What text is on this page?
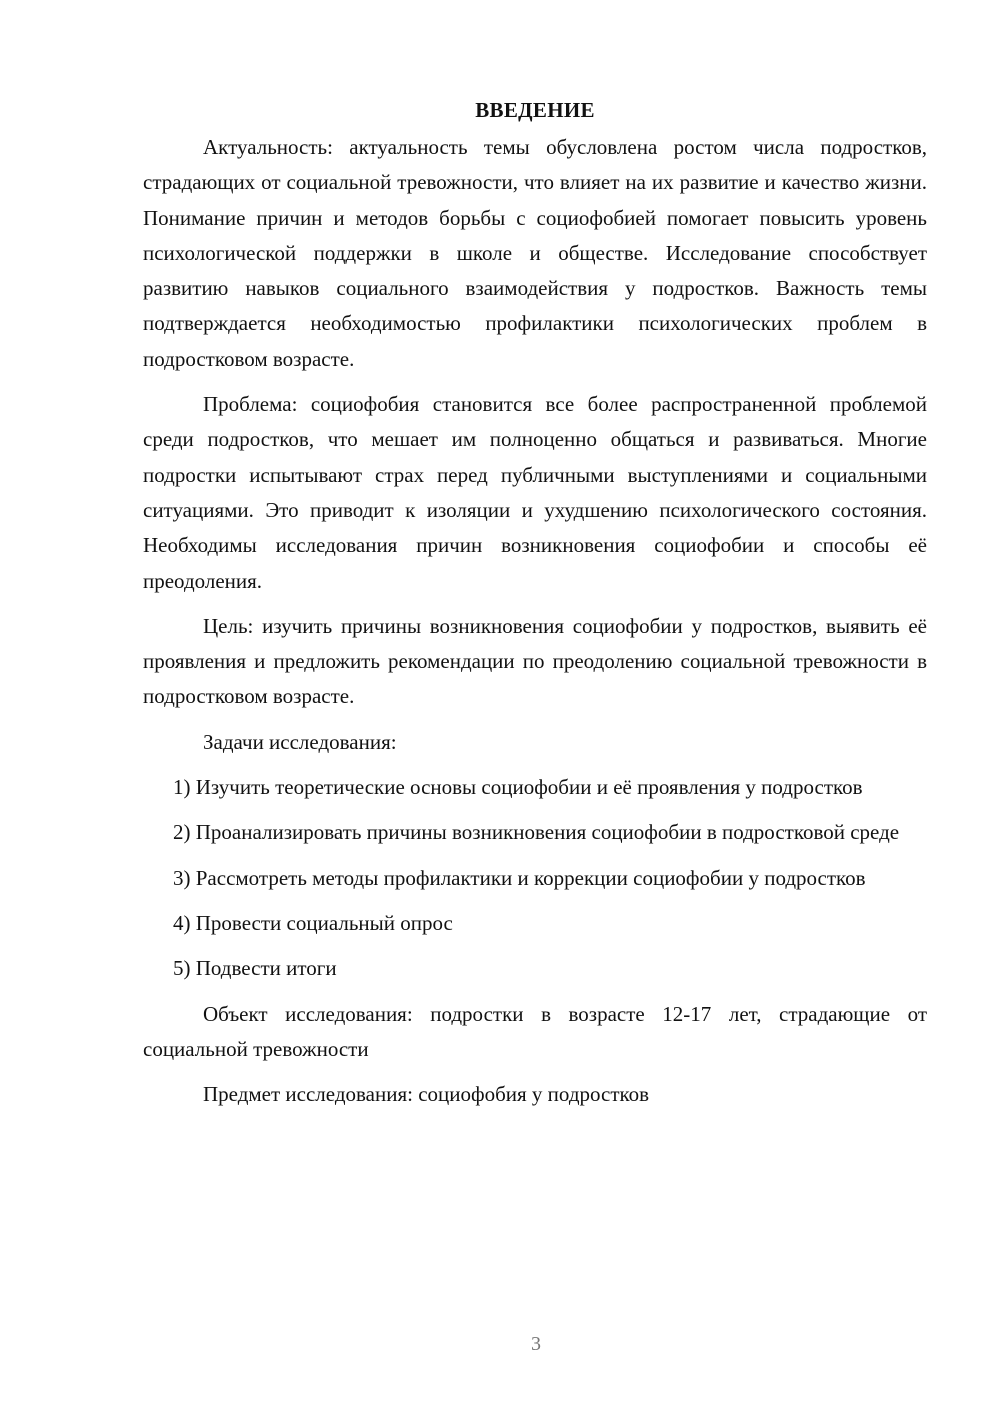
ВВЕДЕНИЕ

Актуальность: актуальность темы обусловлена ростом числа подростков, страдающих от социальной тревожности, что влияет на их развитие и качество жизни. Понимание причин и методов борьбы с социофобией помогает повысить уровень психологической поддержки в школе и обществе. Исследование способствует развитию навыков социального взаимодействия у подростков. Важность темы подтверждается необходимостью профилактики психологических проблем в подростковом возрасте.

Проблема: социофобия становится все более распространенной проблемой среди подростков, что мешает им полноценно общаться и развиваться. Многие подростки испытывают страх перед публичными выступлениями и социальными ситуациями. Это приводит к изоляции и ухудшению психологического состояния. Необходимы исследования причин возникновения социофобии и способы её преодоления.

Цель: изучить причины возникновения социофобии у подростков, выявить её проявления и предложить рекомендации по преодолению социальной тревожности в подростковом возрасте.

Задачи исследования:

1) Изучить теоретические основы социофобии и её проявления у подростков

2) Проанализировать причины возникновения социофобии в подростковой среде

3) Рассмотреть методы профилактики и коррекции социофобии у подростков

4) Провести социальный опрос

5) Подвести итоги

Объект исследования: подростки в возрасте 12-17 лет, страдающие от социальной тревожности

Предмет исследования: социофобия у подростков

3
